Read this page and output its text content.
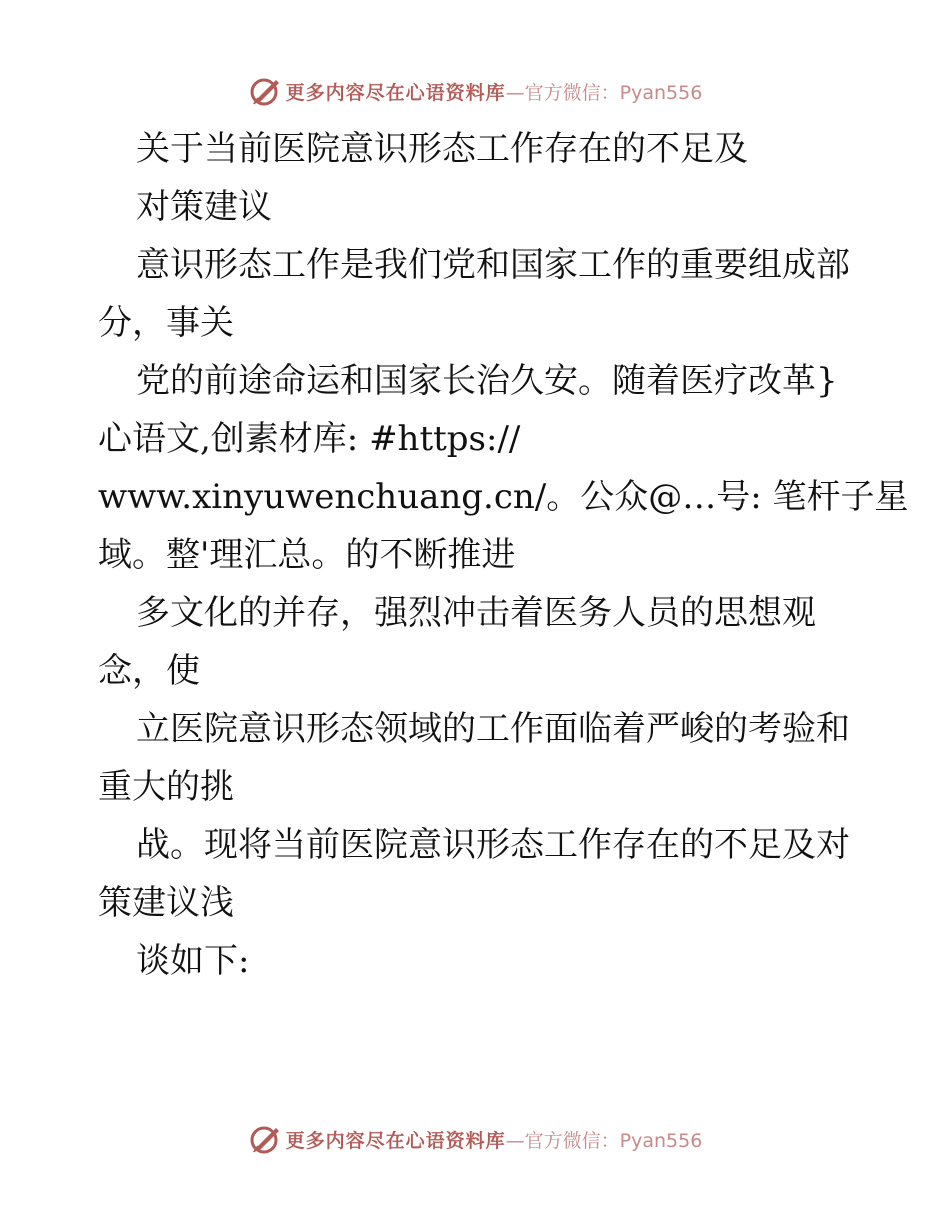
更多内容尽在心语资料库 —官方微信：Pyan556
关于当前医院意识形态工作存在的不足及
对策建议
意识形态工作是我们党和国家工作的重要组成部
分，事关
党的前途命运和国家长治久安。随着医疗改革}
心语文,创素材库: #https://
www.xinyuwenchuang.cn/。公众@…号: 笔杆子星
域。整'理汇总。的不断推进
多文化的并存，强烈冲击着医务人员的思想观
念，使
立医院意识形态领域的工作面临着严峻的考验和
重大的挑
战。现将当前医院意识形态工作存在的不足及对
策建议浅
谈如下:
更多内容尽在心语资料库 —官方微信：Pyan556
